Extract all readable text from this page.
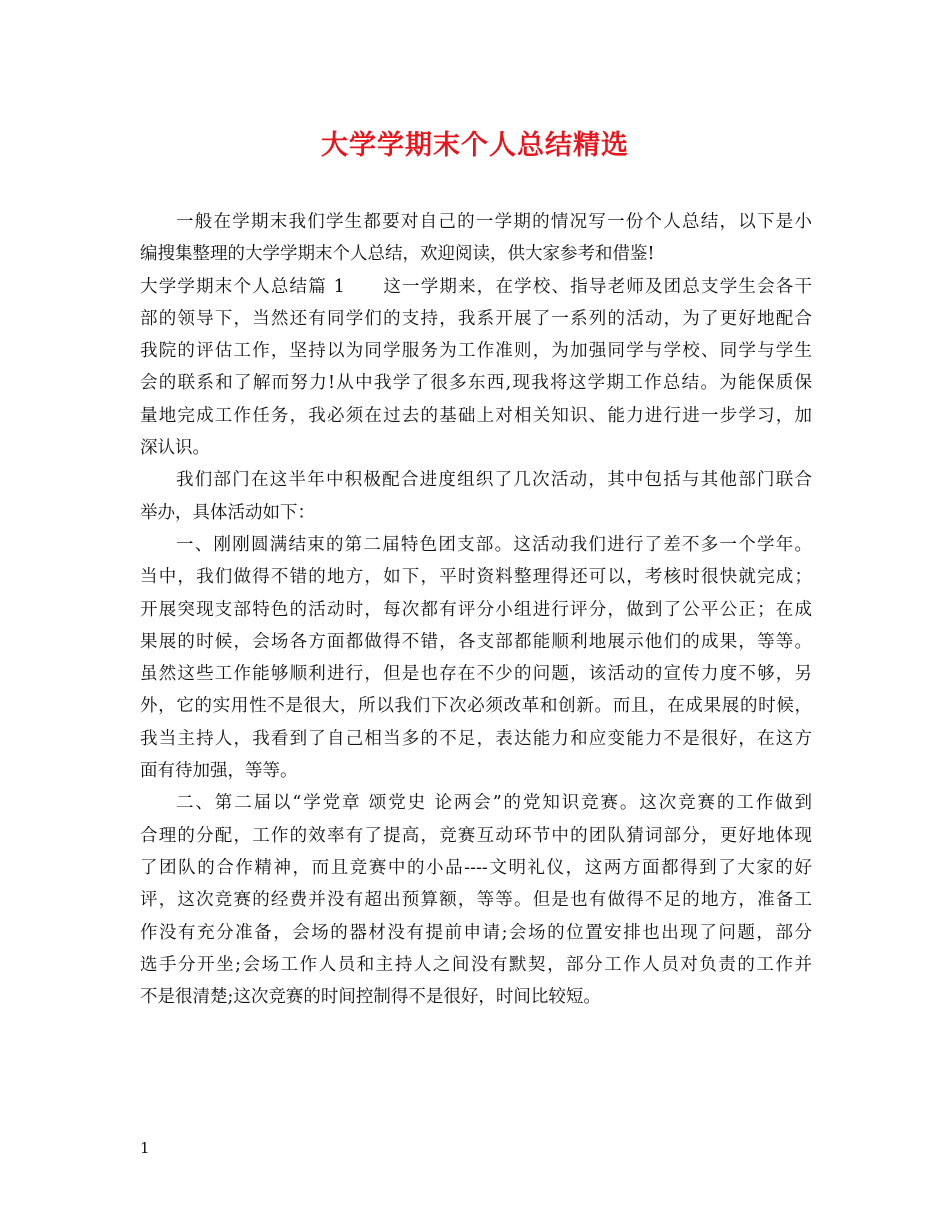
大学学期末个人总结精选
一般在学期末我们学生都要对自己的一学期的情况写一份个人总结，以下是小
编搜集整理的大学学期末个人总结，欢迎阅读，供大家参考和借鉴!
大学学期末个人总结篇 1　　这一学期来，在学校、指导老师及团总支学生会各干
部的领导下，当然还有同学们的支持，我系开展了一系列的活动，为了更好地配合
我院的评估工作，坚持以为同学服务为工作准则，为加强同学与学校、同学与学生
会的联系和了解而努力!从中我学了很多东西,现我将这学期工作总结。为能保质保
量地完成工作任务，我必须在过去的基础上对相关知识、能力进行进一步学习，加
深认识。
我们部门在这半年中积极配合进度组织了几次活动，其中包括与其他部门联合
举办，具体活动如下：
一、刚刚圆满结束的第二届特色团支部。这活动我们进行了差不多一个学年。
当中，我们做得不错的地方，如下，平时资料整理得还可以，考核时很快就完成；
开展突现支部特色的活动时，每次都有评分小组进行评分，做到了公平公正；在成
果展的时候，会场各方面都做得不错，各支部都能顺利地展示他们的成果，等等。
虽然这些工作能够顺利进行，但是也存在不少的问题，该活动的宣传力度不够，另
外，它的实用性不是很大，所以我们下次必须改革和创新。而且，在成果展的时候，
我当主持人，我看到了自己相当多的不足，表达能力和应变能力不是很好，在这方
面有待加强，等等。
二、第二届以“学党章 颂党史 论两会”的党知识竞赛。这次竞赛的工作做到
合理的分配，工作的效率有了提高，竞赛互动环节中的团队猜词部分，更好地体现
了团队的合作精神，而且竞赛中的小品----文明礼仪，这两方面都得到了大家的好
评，这次竞赛的经费并没有超出预算额，等等。但是也有做得不足的地方，准备工
作没有充分准备，会场的器材没有提前申请;会场的位置安排也出现了问题，部分
选手分开坐;会场工作人员和主持人之间没有默契，部分工作人员对负责的工作并
不是很清楚;这次竞赛的时间控制得不是很好，时间比较短。
1
